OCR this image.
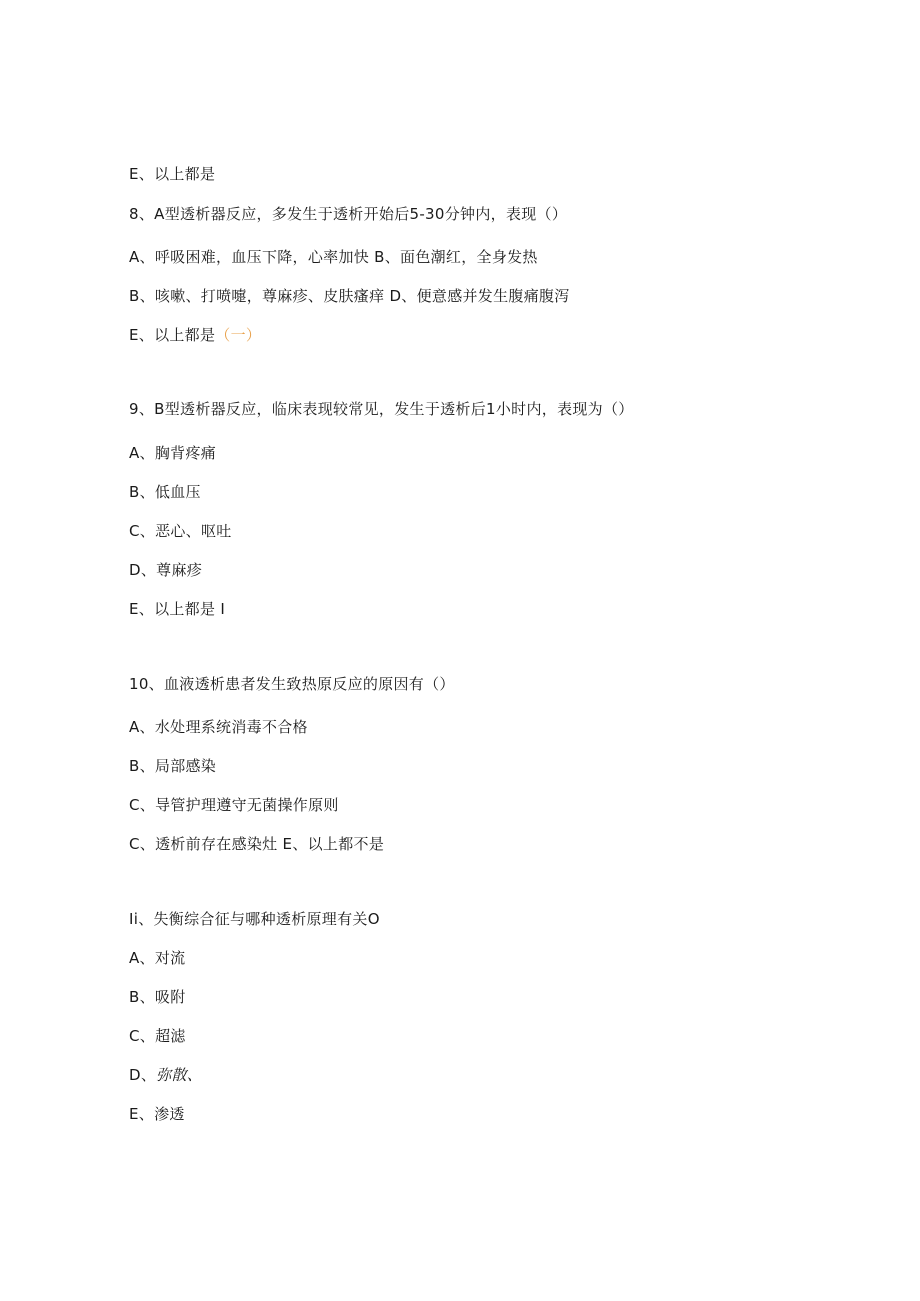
E、以上都是
8、A型透析器反应，多发生于透析开始后5-30分钟内，表现（）
A、呼吸困难，血压下降，心率加快 B、面色潮红，全身发热
B、咳嗽、打喷嚏，尊麻疹、皮肤瘙痒 D、便意感并发生腹痛腹泻
E、以上都是（一）
9、B型透析器反应，临床表现较常见，发生于透析后1小时内，表现为（）
A、胸背疼痛
B、低血压
C、恶心、呕吐
D、尊麻疹
E、以上都是 I
10、血液透析患者发生致热原反应的原因有（）
A、水处理系统消毒不合格
B、局部感染
C、导管护理遵守无菌操作原则
C、透析前存在感染灶 E、以上都不是
Ii、失衡综合征与哪种透析原理有关O
A、对流
B、吸附
C、超滤
D、弥散、
E、渗透
